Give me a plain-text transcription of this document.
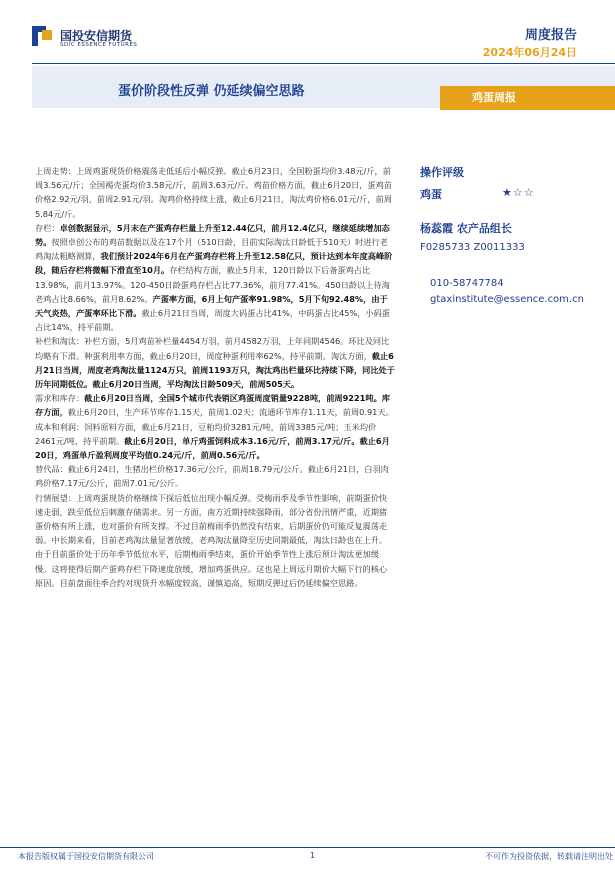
国投安信期货
SDIC ESSENCE FUTURES
周度报告
2024年06月24日
蛋价阶段性反弹 仍延续偏空思路	鸡蛋周报

上周走势：上周鸡蛋现货价格震荡走低延后小幅反弹。截止6月23日，全国粉蛋均价3.48元/斤，前周3.56元/斤；全国褐壳蛋均价3.58元/斤，前周3.63元/斤。鸡苗价格方面，截止6月20日，蛋鸡苗价格2.92元/羽，前周2.91元/羽。淘鸡价格持续上涨，截止6月21日，淘汰鸡价格6.01元/斤，前周5.84元/斤。

存栏：卓创数据显示，5月末在产蛋鸡存栏量上升至12.44亿只，前月12.4亿只，继续延续增加态势。按照卓创公布的鸡苗数据以及在17个月（510日龄，目前实际淘汰日龄低于510天）时进行老鸡淘汰粗略测算，我们预计2024年6月在产蛋鸡存栏将上升至12.58亿只，预计达到本年度高峰阶段，随后存栏将微幅下滑直至10月。存栏结构方面，截止5月末，120日龄以下后备蛋鸡占比13.98%，前月13.97%。120-450日龄蛋鸡存栏占比77.36%，前月77.41%。450日龄以上待淘老鸡占比8.66%，前月8.62%。产蛋率方面，6月上旬产蛋率91.98%，5月下旬92.48%，由于天气炎热，产蛋率环比下滑。截止6月21日当周，周度大码蛋占比41%，中码蛋占比45%，小码蛋占比14%，持平前期。

补栏和淘汰：补栏方面，5月鸡苗补栏量4454万羽，前月4582万羽，上年同期4546。环比及同比均略有下滑。种蛋利用率方面，截止6月20日，周度种蛋利用率62%，持平前期。淘汰方面，截止6月21日当周，周度老鸡淘汰量1124万只，前周1193万只，淘汰鸡出栏量环比持续下降，同比处于历年同期低位。截止6月20日当周，平均淘汰日龄509天，前周505天。

需求和库存：截止6月20日当周，全国5个城市代表销区鸡蛋周度销量9228吨，前周9221吨。库存方面，截止6月20日，生产环节库存1.15天，前周1.02天；流通环节库存1.11天，前周0.91天。

成本和利润：饲料原料方面，截止6月21日，豆粕均价3281元/吨，前周3385元/吨；玉米均价2461元/吨，持平前期。截止6月20日，单斤鸡蛋饲料成本3.16元/斤，前周3.17元/斤。截止6月20日，鸡蛋单斤盈利周度平均值0.24元/斤，前周0.56元/斤。

替代品：截止6月24日，生猪出栏价格17.36元/公斤，前周18.79元/公斤。截止6月21日，白羽肉鸡价格7.17元/公斤，前周7.01元/公斤。

行情展望：上周鸡蛋现货价格继续下探后低位出现小幅反弹。受梅雨季及季节性影响，前期蛋价快速走弱，跌至低位后刺激存储需求。另一方面，南方近期持续强降雨，部分省份汛情严重，近期猪蛋价格有所上涨，也对蛋价有所支撑。不过目前梅雨季仍然没有结束，后期蛋价仍可能反复震荡走弱。中长期来看，目前老鸡淘汰量显著放缓，老鸡淘汰量降至历史同期最低，淘汰日龄也在上升。由于目前蛋价处于历年季节低位水平，后期梅雨季结束，蛋价开始季节性上涨后预计淘汰更加缓慢。这将使得后期产蛋鸡存栏下降速度放缓，增加鸡蛋供应。这也是上周远月期价大幅下行的核心原因。目前盘面往季合约对现货升水幅度较高，谨慎追高，短期反弹过后仍延续偏空思路。

操作评级
鸡蛋	★☆☆
杨蕊霞 农产品组长
F0285733 Z0011333
010-58747784
gtaxinstitute@essence.com.cn
本报告版权属于国投安信期货有限公司	1	不可作为投资依据，转载请注明出处
